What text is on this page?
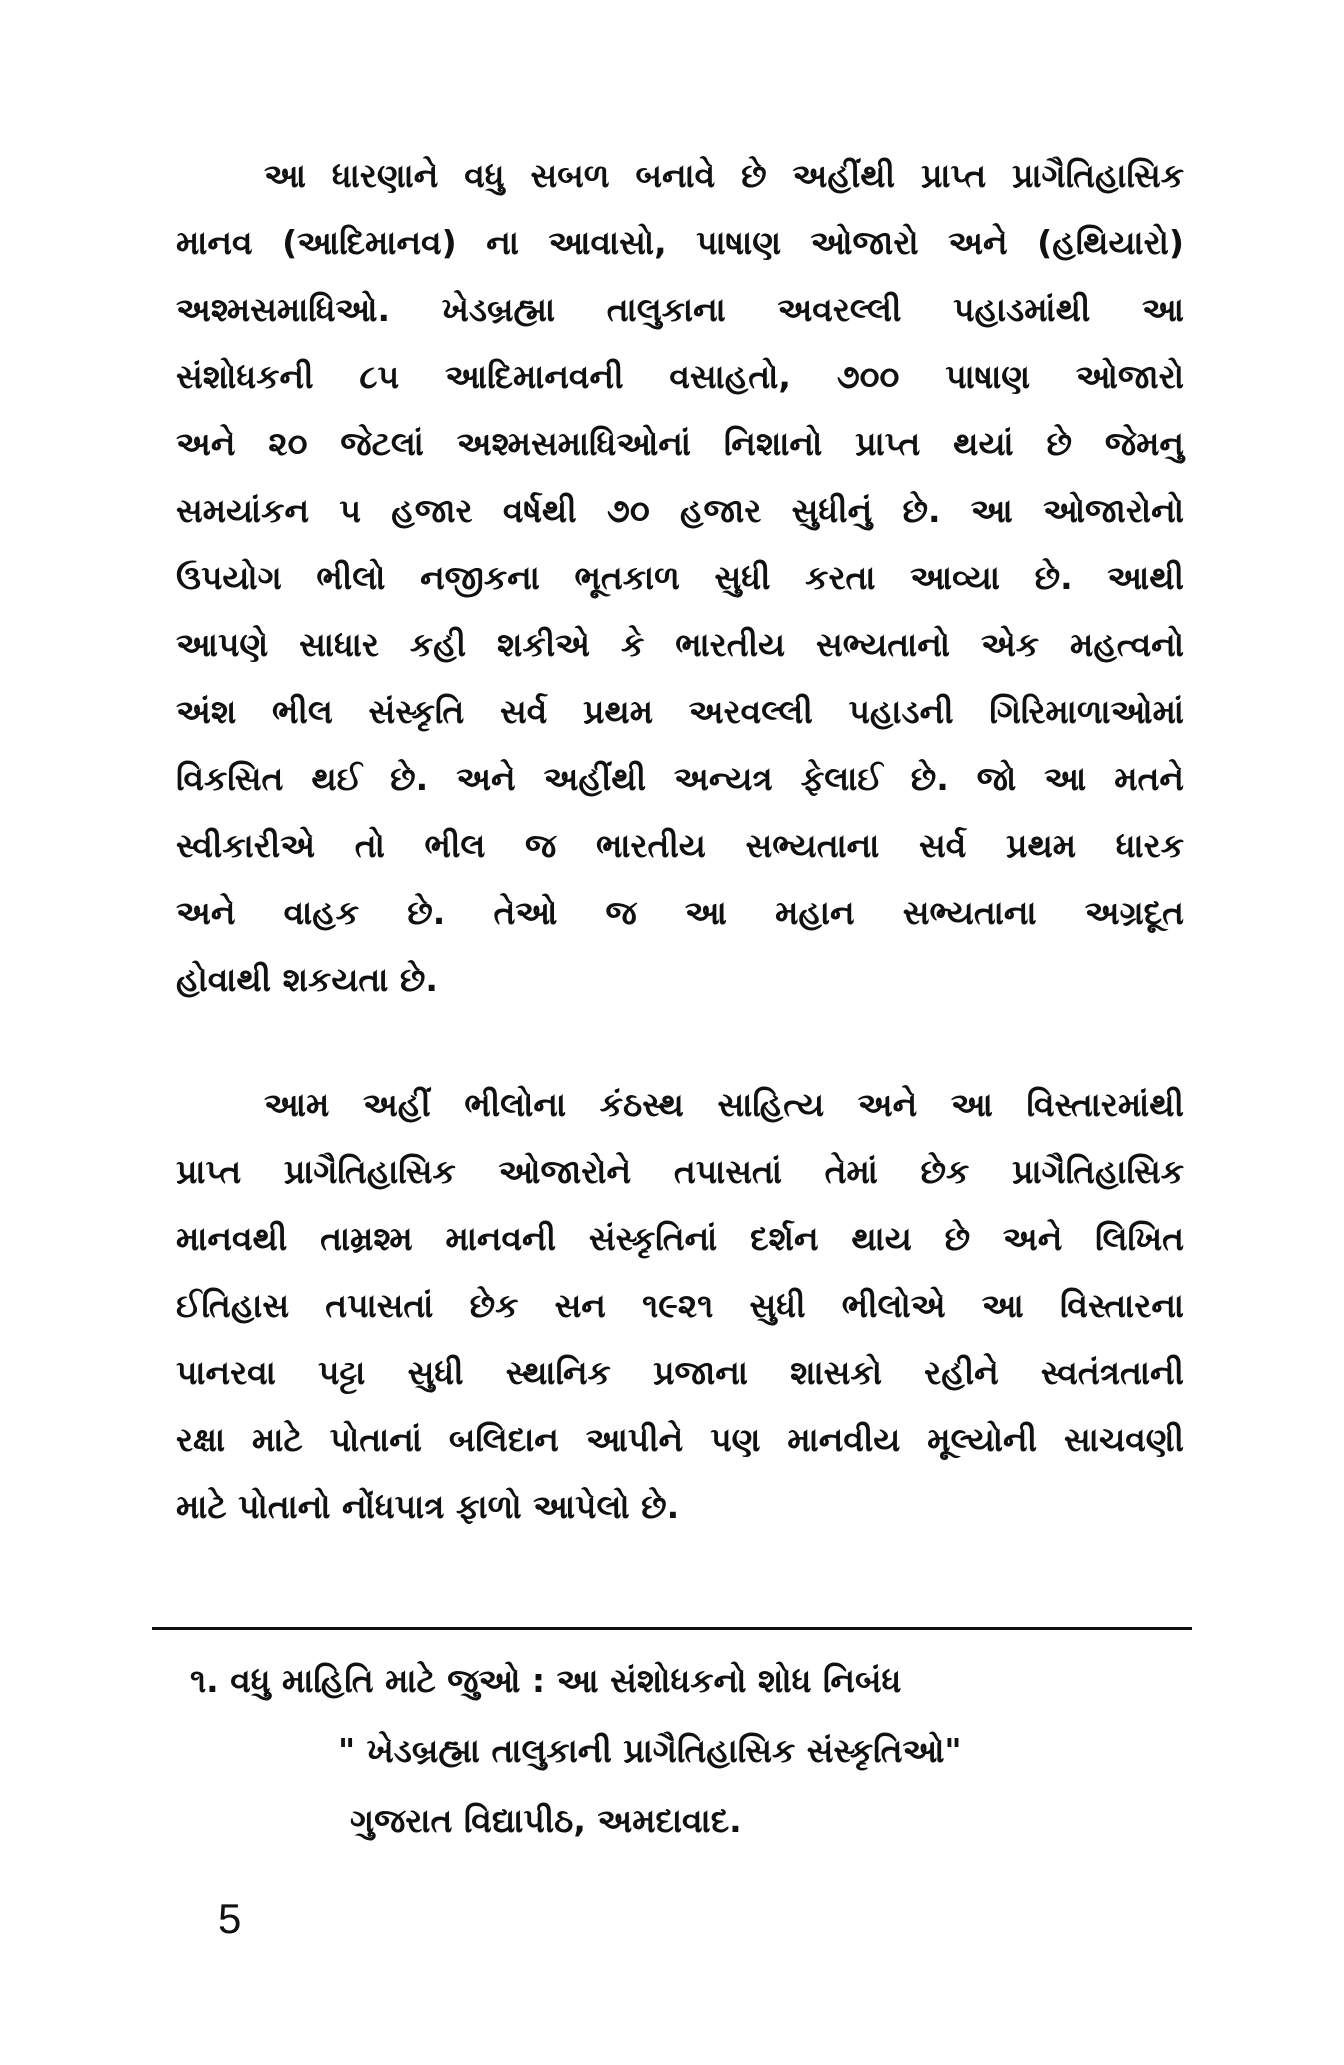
આ ધારણાને વધુ સબળ બનાવે છે અહીંથી પ્રાપ્ત પ્રાગૈતિહાસિક
માનવ (આદિમાનવ) ના આવાસો, પાષાણ ઓજારો અને (હથિયારો)
અશ્મસમાધિઓ. ખેડબ્રહ્મા તાલુકાના અવરલ્લી પહાડમાંથી આ
સંશોધકની ૮૫ આદિમાનવની વસાહતો, ૭૦૦ પાષાણ ઓજારો
અને ૨૦ જેટલાં અશ્મસમાધિઓનાં નિશાનો પ્રાપ્ત થયાં છે જેમનુ
સમયાંકન ૫ હજાર વર્ષથી ૭૦ હજાર સુધીનું છે. આ ઓજારોનો
ઉપયોગ ભીલો નજીકના ભૂતકાળ સુધી કરતા આવ્યા છે. આથી
આપણે સાધાર કહી શકીએ કે ભારતીય સભ્યતાનો એક મહત્વનો
અંશ ભીલ સંસ્કૃતિ સર્વ પ્રથમ અરવલ્લી પહાડની ગિરિમાળાઓમાં
વિકસિત થઈ છે. અને અહીંથી અન્યત્ર ફેલાઈ છે. જો આ મતને
સ્વીકારીએ તો ભીલ જ ભારતીય સભ્યતાના સર્વ પ્રથમ ધારક
અને વાહક છે. તેઓ જ આ મહાન સભ્યતાના અગ્રદૂત
હોવાથી શકયતા છે.
આમ અહીં ભીલોના કંઠસ્થ સાહિત્ય અને આ વિસ્તારમાંથી
પ્રાપ્ત પ્રાગૈતિહાસિક ઓજારોને તપાસતાં તેમાં છેક પ્રાગૈતિહાસિક
માનવથી તામ્રશ્મ માનવની સંસ્કૃતિનાં દર્શન થાય છે અને લિખિત
ઈતિહાસ તપાસતાં છેક સન ૧૯૨૧ સુધી ભીલોએ આ વિસ્તારના
પાનરવા પટ્ટા સુધી સ્થાનિક પ્રજાના શાસકો રહીને સ્વતંત્રતાની
રક્ષા માટે પોતાનાં બલિદાન આપીને પણ માનવીય મૂલ્યોની સાચવણી
માટે પોતાનો નોંધપાત્ર ફાળો આપેલો છે.
૧. વધુ માહિતિ માટે જુઓ : આ સંશોધકનો શોધ નિબંધ
" ખેડબ્રહ્મા તાલુકાની પ્રાગૈતિહાસિક સંસ્કૃતિઓ"
ગુજરાત વિદ્યાપીઠ, અમદાવાદ.
5
